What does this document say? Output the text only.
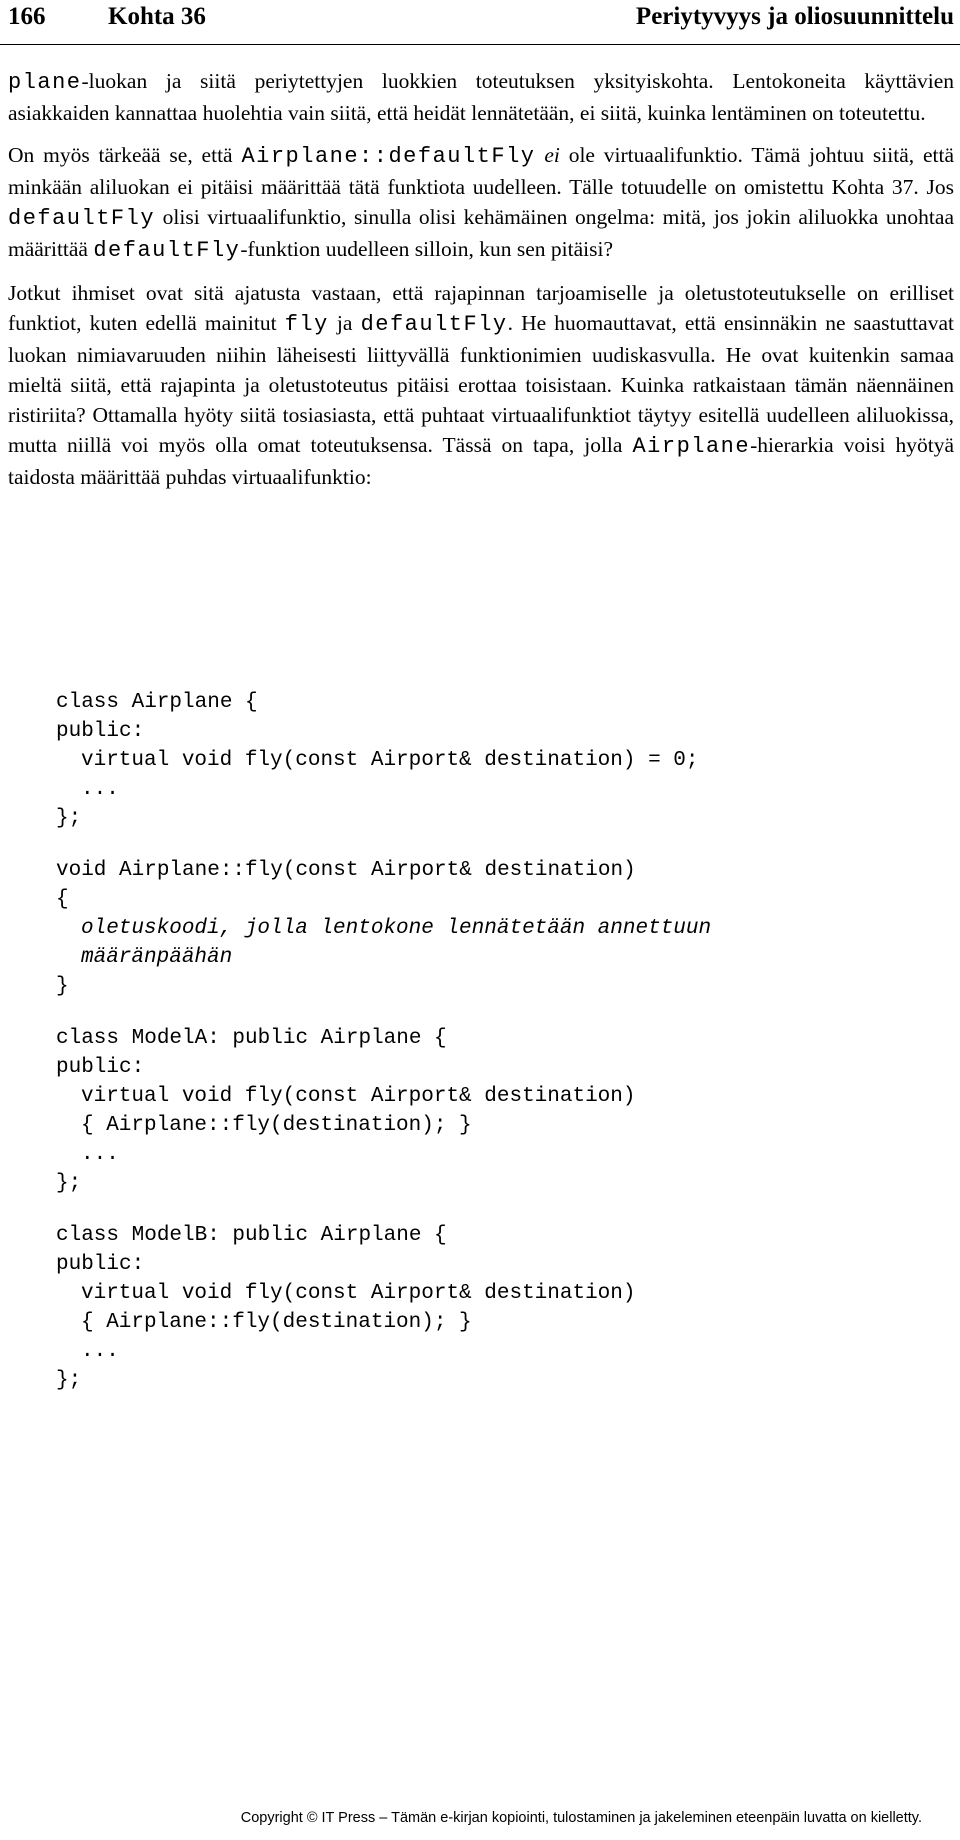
166	Kohta 36	Periytyvyys ja oliosuunnittelu

plane-luokan ja siitä periytettyjen luokkien toteutuksen yksityiskohta. Lentokoneita käyttävien asiakkaiden kannattaa huolehtia vain siitä, että heidät lennätetään, ei siitä, kuinka lentäminen on toteutettu.

On myös tärkeää se, että Airplane::defaultFly ei ole virtuaalifunktio. Tämä johtuu siitä, että minkään aliluokan ei pitäisi määrittää tätä funktiota uudelleen. Tälle totuudelle on omistettu Kohta 37. Jos defaultFly olisi virtuaalifunktio, sinulla olisi kehämäinen ongelma: mitä, jos jokin aliluokka unohtaa määrittää defaultFly-funktion uudelleen silloin, kun sen pitäisi?

Jotkut ihmiset ovat sitä ajatusta vastaan, että rajapinnan tarjoamiselle ja oletustoteutukselle on erilliset funktiot, kuten edellä mainitut fly ja defaultFly. He huomauttavat, että ensinnäkin ne saastuttavat luokan nimiavaruuden niihin läheisesti liittyvällä funktionimien uudiskasvulla. He ovat kuitenkin samaa mieltä siitä, että rajapinta ja oletustoteutus pitäisi erottaa toisistaan. Kuinka ratkaistaan tämän näennäinen ristiriita? Ottamalla hyöty siitä tosiasiasta, että puhtaat virtuaalifunktiot täytyy esitellä uudelleen aliluokissa, mutta niillä voi myös olla omat toteutuksensa. Tässä on tapa, jolla Airplane-hierarkia voisi hyötyä taidosta määrittää puhdas virtuaalifunktio:

class Airplane {
public:
virtual void fly(const Airport& destination) = 0;
...
};
void Airplane::fly(const Airport& destination)
{
oletuskoodi, jolla lentokone lennätetään annettuun
määränpäähän
}
class ModelA: public Airplane {
public:
virtual void fly(const Airport& destination)
{ Airplane::fly(destination); }
...
};
class ModelB: public Airplane {
public:
virtual void fly(const Airport& destination)
{ Airplane::fly(destination); }
...
};
Copyright © IT Press – Tämän e-kirjan kopiointi, tulostaminen ja jakeleminen eteenpäin luvatta on kielletty.
